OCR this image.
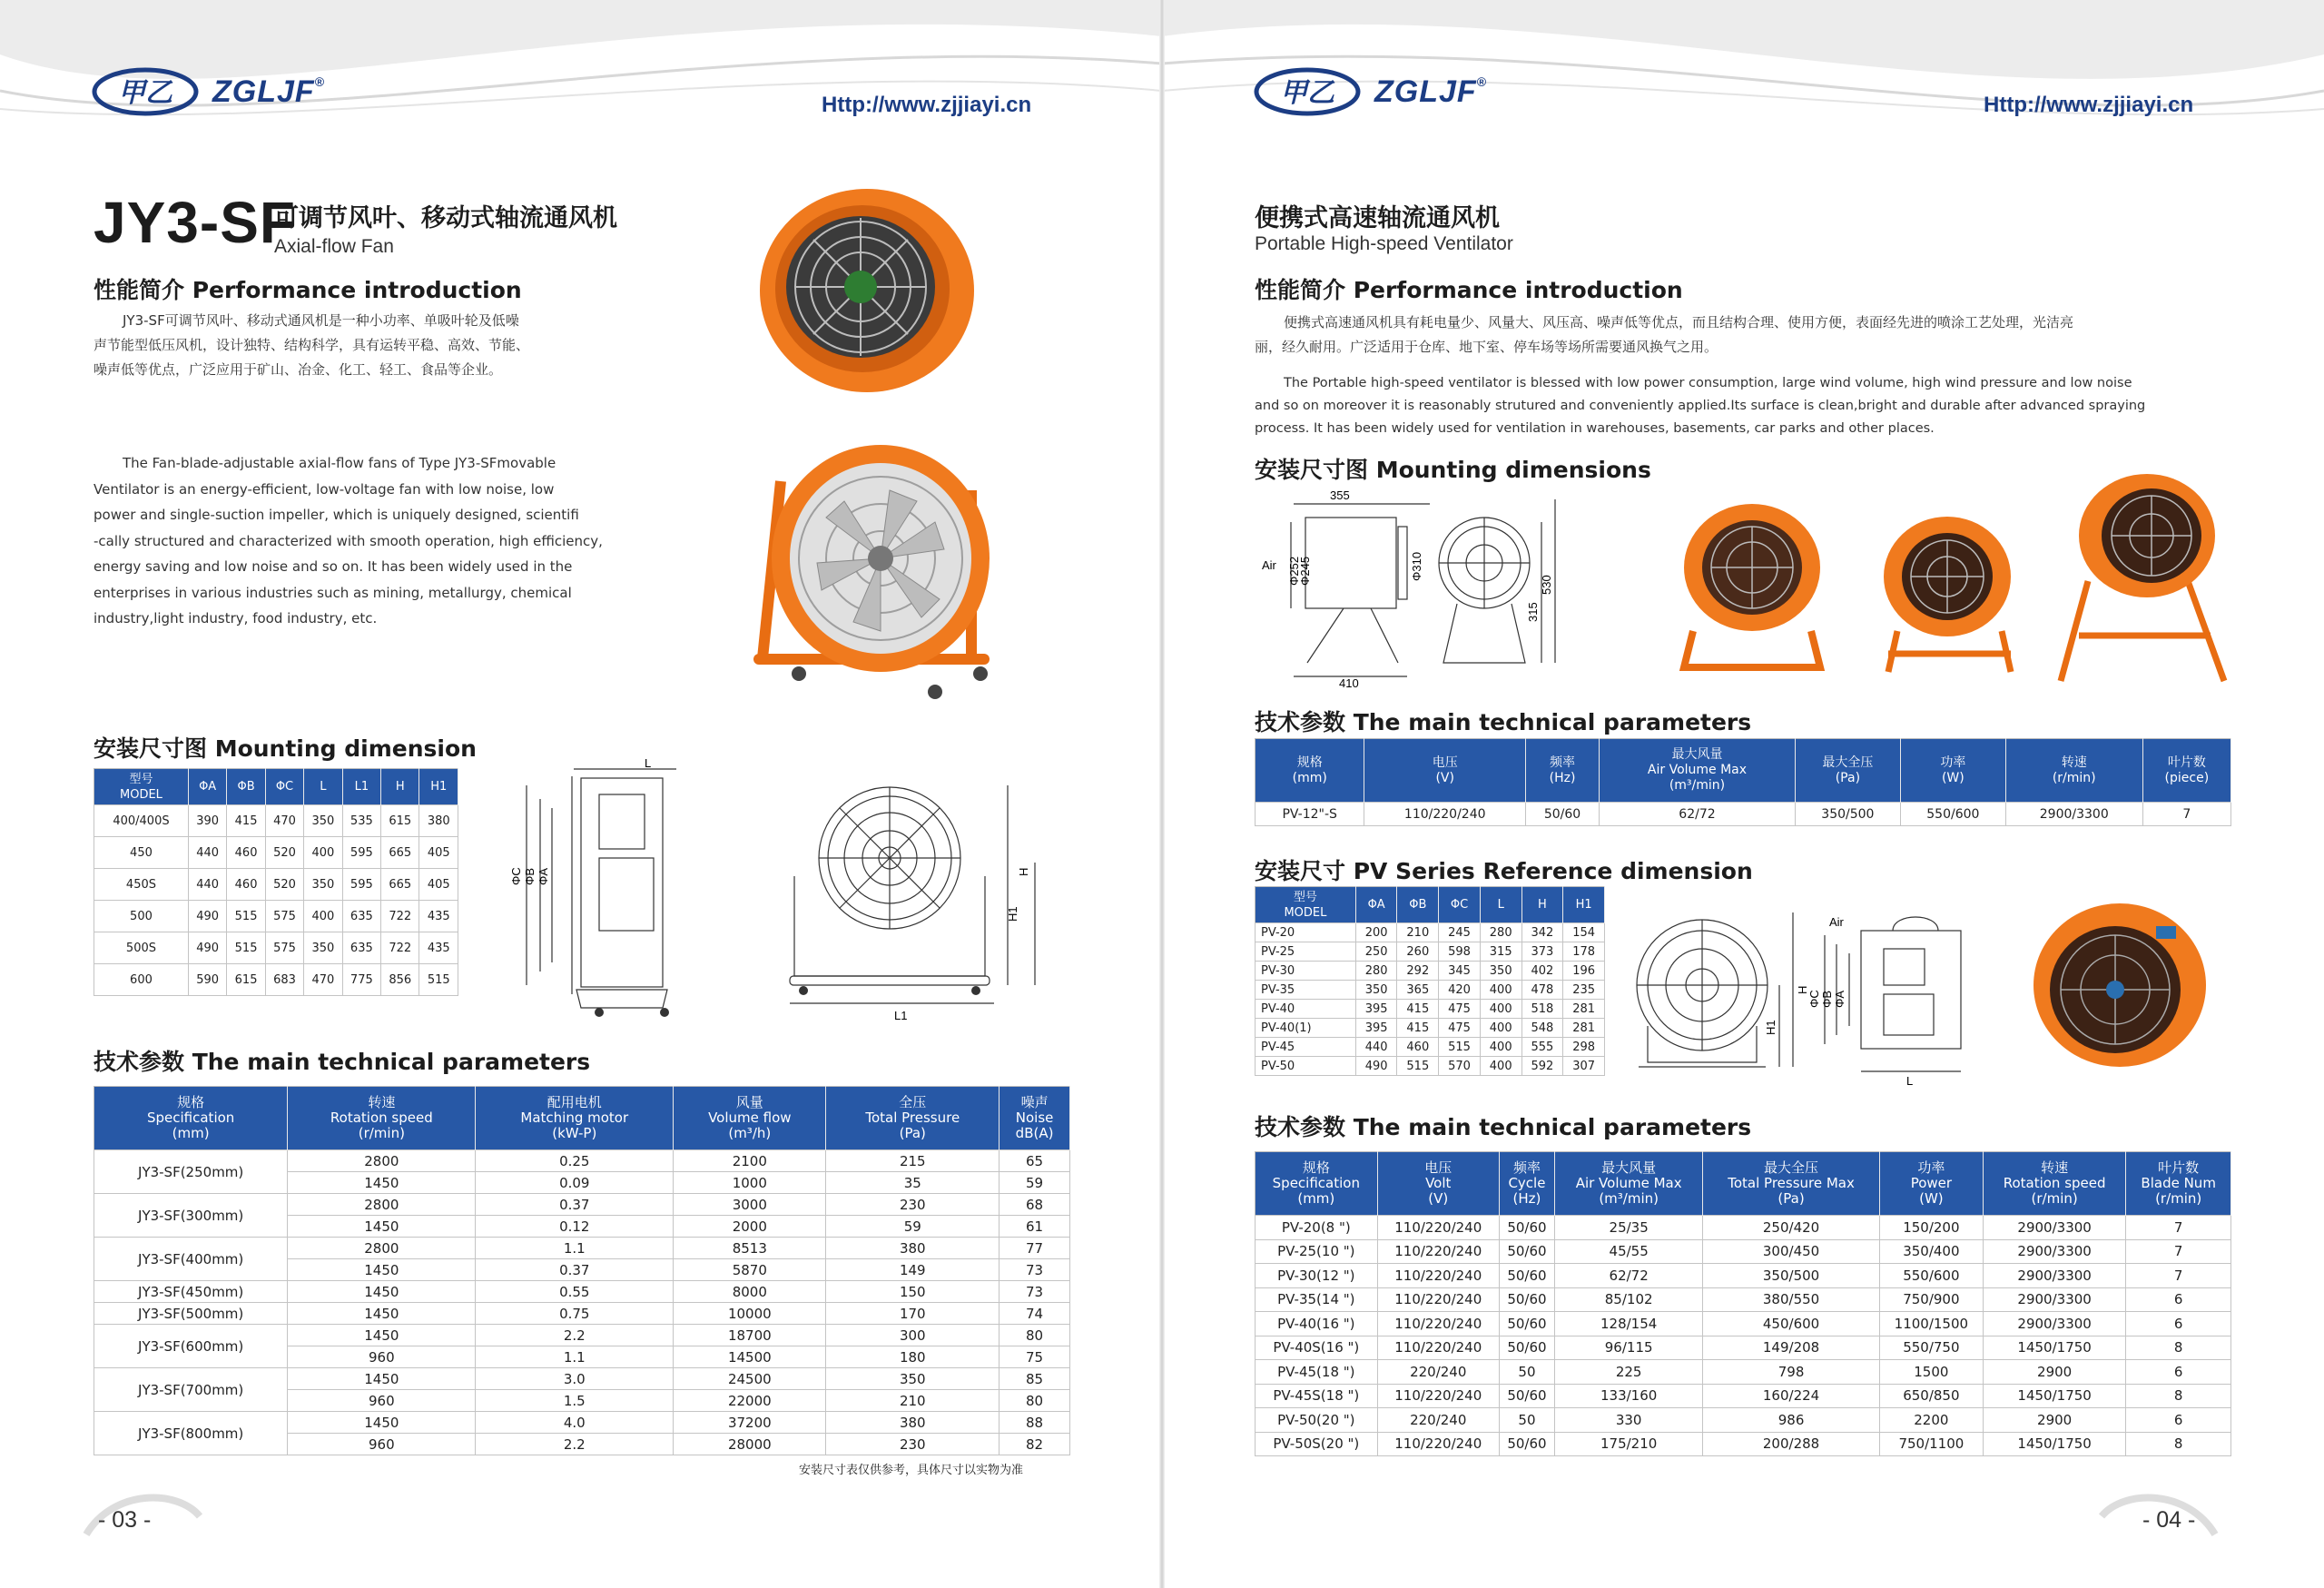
甲乙 ZGLJF®
Http://www.zjjiayi.cn
JY3-SF
可调节风叶、移动式轴流通风机
Axial-flow Fan
性能简介 Performance introduction
JY3-SF可调节风叶、移动式通风机是一种小功率、单吸叶轮及低噪
声节能型低压风机，设计独特、结构科学，具有运转平稳、高效、节能、
噪声低等优点，广泛应用于矿山、冶金、化工、轻工、食品等企业。
The Fan-blade-adjustable axial-flow fans of Type JY3-SFmovable
Ventilator is an energy-efficient, low-voltage fan with low noise, low
power and single-suction impeller, which is uniquely designed, scientifi
-cally structured and characterized with smooth operation, high efficiency,
energy saving and low noise and so on. It has been widely used in the
enterprises in various industries such as mining, metallurgy, chemical
industry,light industry, food industry, etc.
安装尺寸图 Mounting dimension
型号
MODEL	ΦA	ΦB	ΦC	L	L1	H	H1
400/400S	390	415	470	350	535	615	380
450	440	460	520	400	595	665	405
450S	440	460	520	350	595	665	405
500	490	515	575	400	635	722	435
500S	490	515	575	350	635	722	435
600	590	615	683	470	775	856	515
L
ΦC ΦB ΦA	H
H1
L1
技术参数 The main technical parameters
规格
Specification
(mm)	转速
Rotation speed
(r/min)	配用电机
Matching motor
(kW-P)	风量
Volume flow
(m³/h)	全压
Total Pressure
(Pa)	噪声
Noise
dB(A)

JY3-SF(250mm)	2800	0.25	2100	215	65
	1450	0.09	1000	35	59
JY3-SF(300mm)	2800	0.37	3000	230	68
	1450	0.12	2000	59	61
JY3-SF(400mm)	2800	1.1	8513	380	77
	1450	0.37	5870	149	73
JY3-SF(450mm)	1450	0.55	8000	150	73
JY3-SF(500mm)	1450	0.75	10000	170	74
JY3-SF(600mm)	1450	2.2	18700	300	80
	960	1.1	14500	180	75
JY3-SF(700mm)	1450	3.0	24500	350	85
	960	1.5	22000	210	80
JY3-SF(800mm)	1450	4.0	37200	380	88
	960	2.2	28000	230	82
安装尺寸表仅供参考，具体尺寸以实物为准
- 03 -
甲乙 ZGLJF®
Http://www.zjjiayi.cn
便携式高速轴流通风机
Portable High-speed Ventilator
性能简介 Performance introduction
便携式高速通风机具有耗电量少、风量大、风压高、噪声低等优点，而且结构合理、使用方便，表面经先进的喷涂工艺处理，光洁亮
丽，经久耐用。广泛适用于仓库、地下室、停车场等场所需要通风换气之用。
The Portable high-speed ventilator is blessed with low power consumption, large wind volume, high wind pressure and low noise
and so on moreover it is reasonably strutured and conveniently applied.Its surface is clean,bright and durable after advanced spraying
process. It has been widely used for ventilation in warehouses, basements, car parks and other places.
安装尺寸图 Mounting dimensions
355
Air Φ252
Φ245	Φ310
315
530
410
技术参数 The main technical parameters
规格
(mm)	电压
(V)	频率
(Hz)	最大风量
Air Volume Max
(m³/min)	最大全压
(Pa)	功率
(W)	转速
(r/min)	叶片数
(piece)

PV-12"-S	110/220/240	50/60	62/72	350/500	550/600	2900/3300	7
安装尺寸 PV Series Reference dimension
型号
MODEL	ΦA	ΦB	ΦC	L	H	H1
PV-20	200	210	245	280	342	154
PV-25	250	260	598	315	373	178
PV-30	280	292	345	350	402	196
PV-35	350	365	420	400	478	235
PV-40	395	415	475	400	518	281
PV-40(1)	395	415	475	400	548	281
PV-45	440	460	515	400	555	298
PV-50	490	515	570	400	592	307
H
H1
ΦC ΦB ΦA
Air
L
技术参数 The main technical parameters
规格
Specification
(mm)	电压
Volt
(V)	频率
Cycle
(Hz)	最大风量
Air Volume Max
(m³/min)	最大全压
Total Pressure Max
(Pa)	功率
Power
(W)	转速
Rotation speed
(r/min)	叶片数
Blade Num
(r/min)

PV-20(8 ")	110/220/240	50/60	25/35	250/420	150/200	2900/3300	7
PV-25(10 ")	110/220/240	50/60	45/55	300/450	350/400	2900/3300	7
PV-30(12 ")	110/220/240	50/60	62/72	350/500	550/600	2900/3300	7
PV-35(14 ")	110/220/240	50/60	85/102	380/550	750/900	2900/3300	6
PV-40(16 ")	110/220/240	50/60	128/154	450/600	1100/1500	2900/3300	6
PV-40S(16 ")	110/220/240	50/60	96/115	149/208	550/750	1450/1750	8
PV-45(18 ")	220/240	50	225	798	1500	2900	6
PV-45S(18 ")	110/220/240	50/60	133/160	160/224	650/850	1450/1750	8
PV-50(20 ")	220/240	50	330	986	2200	2900	6
PV-50S(20 ")	110/220/240	50/60	175/210	200/288	750/1100	1450/1750	8
- 04 -
